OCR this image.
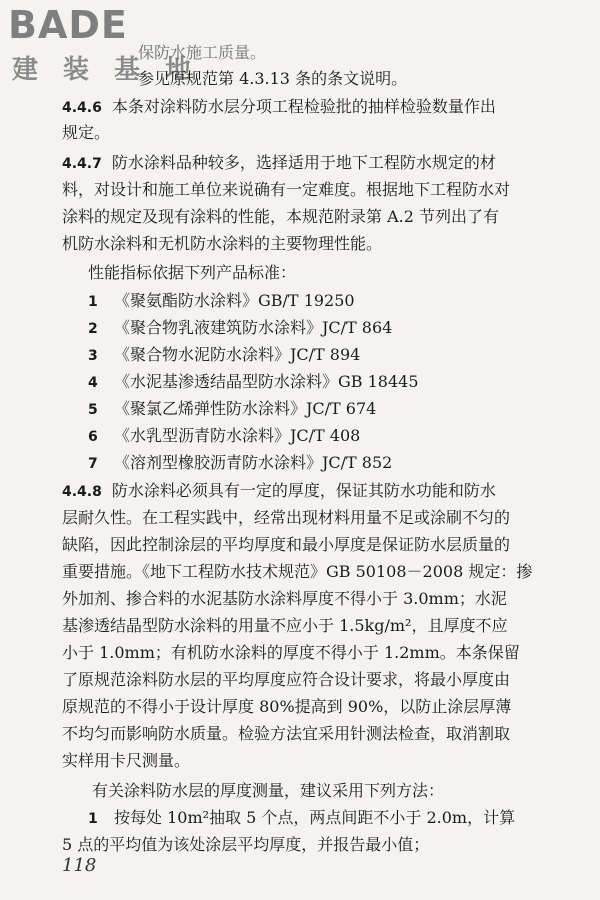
BADE
建 装 基 地
保防水施工质量。
参见原规范第 4.3.13 条的条文说明。
4.4.6 本条对涂料防水层分项工程检验批的抽样检验数量作出
规定。
4.4.7 防水涂料品种较多，选择适用于地下工程防水规定的材
料，对设计和施工单位来说确有一定难度。根据地下工程防水对
涂料的规定及现有涂料的性能，本规范附录第 A.2 节列出了有
机防水涂料和无机防水涂料的主要物理性能。
性能指标依据下列产品标准：
1 《聚氨酯防水涂料》GB/T 19250
2 《聚合物乳液建筑防水涂料》JC/T 864
3 《聚合物水泥防水涂料》JC/T 894
4 《水泥基渗透结晶型防水涂料》GB 18445
5 《聚氯乙烯弹性防水涂料》JC/T 674
6 《水乳型沥青防水涂料》JC/T 408
7 《溶剂型橡胶沥青防水涂料》JC/T 852
4.4.8 防水涂料必须具有一定的厚度，保证其防水功能和防水
层耐久性。在工程实践中，经常出现材料用量不足或涂刷不匀的
缺陷，因此控制涂层的平均厚度和最小厚度是保证防水层质量的
重要措施。《地下工程防水技术规范》GB 50108－2008 规定：掺
外加剂、掺合料的水泥基防水涂料厚度不得小于 3.0mm；水泥
基渗透结晶型防水涂料的用量不应小于 1.5kg/m²，且厚度不应
小于 1.0mm；有机防水涂料的厚度不得小于 1.2mm。本条保留
了原规范涂料防水层的平均厚度应符合设计要求，将最小厚度由
原规范的不得小于设计厚度 80%提高到 90%，以防止涂层厚薄
不均匀而影响防水质量。检验方法宜采用针测法检查，取消割取
实样用卡尺测量。
有关涂料防水层的厚度测量，建议采用下列方法：
1 按每处 10m²抽取 5 个点，两点间距不小于 2.0m，计算
5 点的平均值为该处涂层平均厚度，并报告最小值；
118
